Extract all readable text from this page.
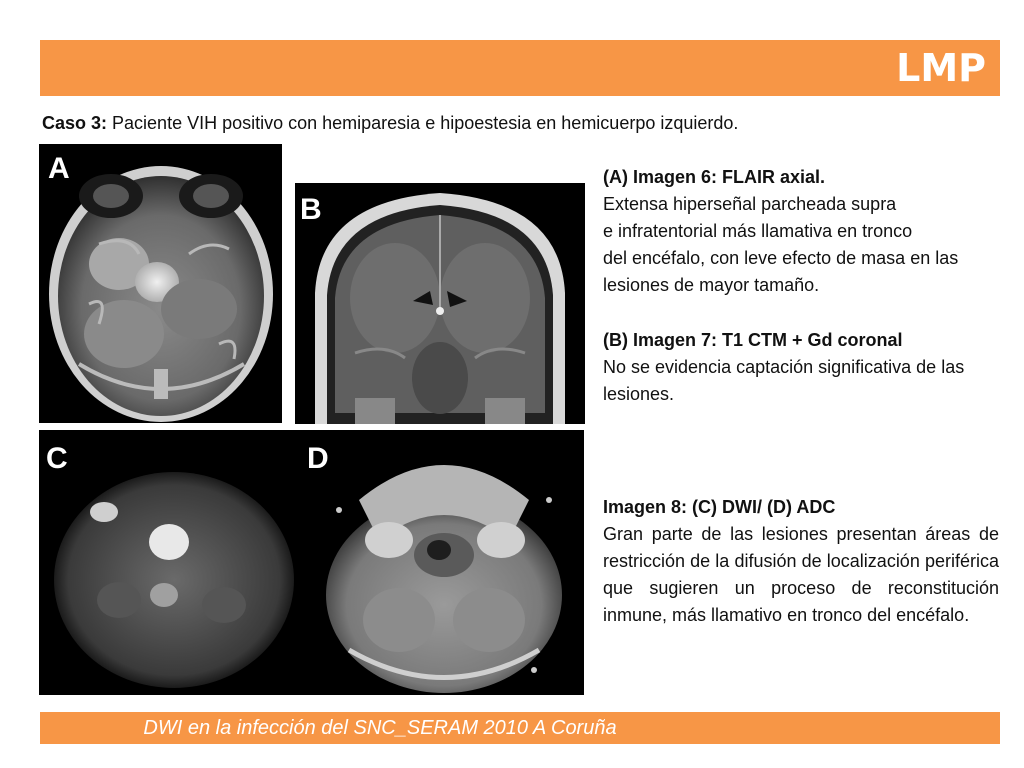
LMP
Caso 3: Paciente VIH positivo con hemiparesia e hipoestesia en hemicuerpo izquierdo.
A
B
C	D
(A) Imagen 6: FLAIR axial.
Extensa hiperseñal parcheada supra
e infratentorial más llamativa en tronco
del encéfalo, con leve efecto de masa en las
lesiones de mayor tamaño.
(B) Imagen 7: T1 CTM + Gd coronal
No se evidencia captación significativa de las
lesiones.
Imagen 8: (C) DWI/ (D) ADC
Gran parte de las lesiones presentan áreas de restricción de la difusión de localización periférica que sugieren un proceso de reconstitución inmune, más llamativo en tronco del encéfalo.
DWI en la infección del SNC_SERAM 2010 A Coruña
